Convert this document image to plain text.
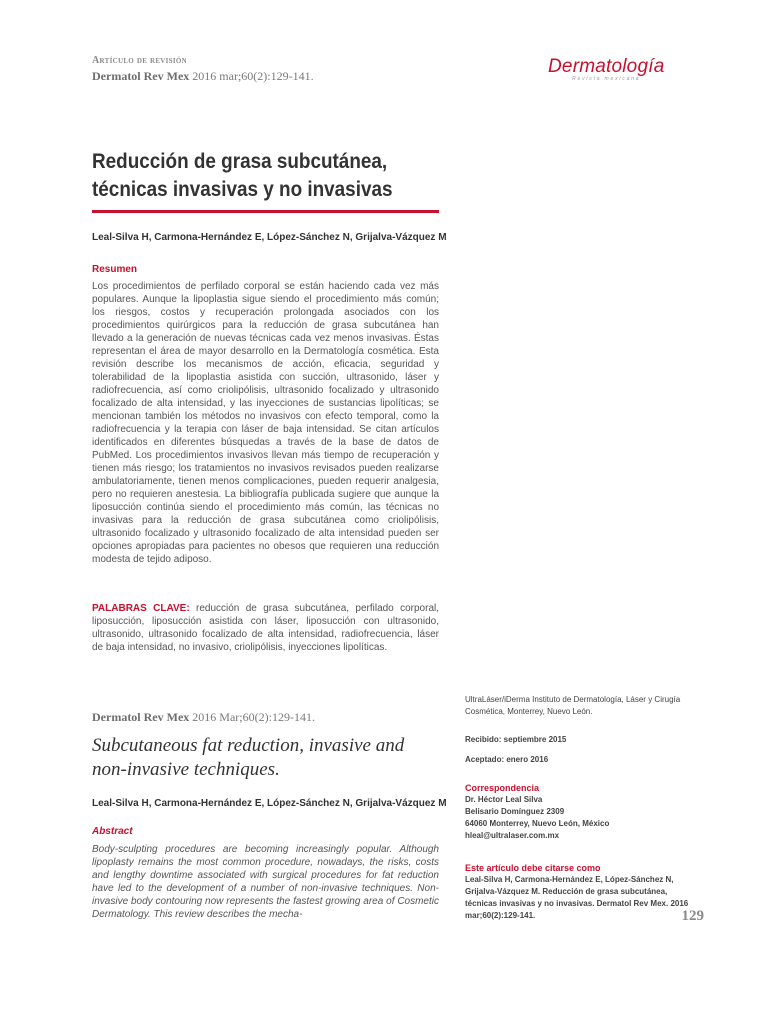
Artículo de revisión
Dermatol Rev Mex 2016 mar;60(2):129-141.	Dermatología
Revista mexicana
Reducción de grasa subcutánea,
técnicas invasivas y no invasivas
Leal-Silva H, Carmona-Hernández E, López-Sánchez N, Grijalva-Vázquez M
Resumen
Los procedimientos de perfilado corporal se están haciendo cada vez más populares. Aunque la lipoplastia sigue siendo el procedimiento más común; los riesgos, costos y recuperación prolongada asociados con los procedimientos quirúrgicos para la reducción de grasa subcutánea han llevado a la generación de nuevas técnicas cada vez menos invasivas. Éstas representan el área de mayor desarrollo en la Dermatología cosmética. Esta revisión describe los mecanismos de acción, eficacia, seguridad y tolerabilidad de la lipoplastia asistida con succión, ultrasonido, láser y radiofrecuencia, así como criolipólisis, ultrasonido focalizado y ultrasonido focalizado de alta intensidad, y las inyecciones de sustancias lipolíticas; se mencionan también los métodos no invasivos con efecto temporal, como la radiofrecuencia y la terapia con láser de baja intensidad. Se citan artículos identificados en diferentes búsquedas a través de la base de datos de PubMed. Los procedimientos invasivos llevan más tiempo de recuperación y tienen más riesgo; los tratamientos no invasivos revisados pueden realizarse ambulatoriamente, tienen menos complicaciones, pueden requerir analgesia, pero no requieren anestesia. La bibliografía publicada sugiere que aunque la liposucción continúa siendo el procedimiento más común, las técnicas no invasivas para la reducción de grasa subcutánea como criolipólisis, ultrasonido focalizado y ultrasonido focalizado de alta intensidad pueden ser opciones apropiadas para pacientes no obesos que requieren una reducción modesta de tejido adiposo.
PALABRAS CLAVE: reducción de grasa subcutánea, perfilado corporal, liposucción, liposucción asistida con láser, liposucción con ultrasonido, ultrasonido, ultrasonido focalizado de alta intensidad, radiofrecuencia, láser de baja intensidad, no invasivo, criolipólisis, inyecciones lipolíticas.
Dermatol Rev Mex 2016 Mar;60(2):129-141.
Subcutaneous fat reduction, invasive and
non-invasive techniques.
Leal-Silva H, Carmona-Hernández E, López-Sánchez N, Grijalva-Vázquez M
Abstract
Body-sculpting procedures are becoming increasingly popular. Although lipoplasty remains the most common procedure, nowadays, the risks, costs and lengthy downtime associated with surgical procedures for fat reduction have led to the development of a number of non-invasive techniques. Non-invasive body contouring now represents the fastest growing area of Cosmetic Dermatology. This review describes the mecha-
UltraLáser/iDerma Instituto de Dermatología, Láser y Cirugía Cosmética, Monterrey, Nuevo León.
Recibido: septiembre 2015
Aceptado: enero 2016
Correspondencia
Dr. Héctor Leal Silva
Belisario Domínguez 2309
64060 Monterrey, Nuevo León, México
hleal@ultralaser.com.mx
Este artículo debe citarse como
Leal-Silva H, Carmona-Hernández E, López-Sánchez N, Grijalva-Vázquez M. Reducción de grasa subcutánea, técnicas invasivas y no invasivas. Dermatol Rev Mex. 2016 mar;60(2):129-141.	129
